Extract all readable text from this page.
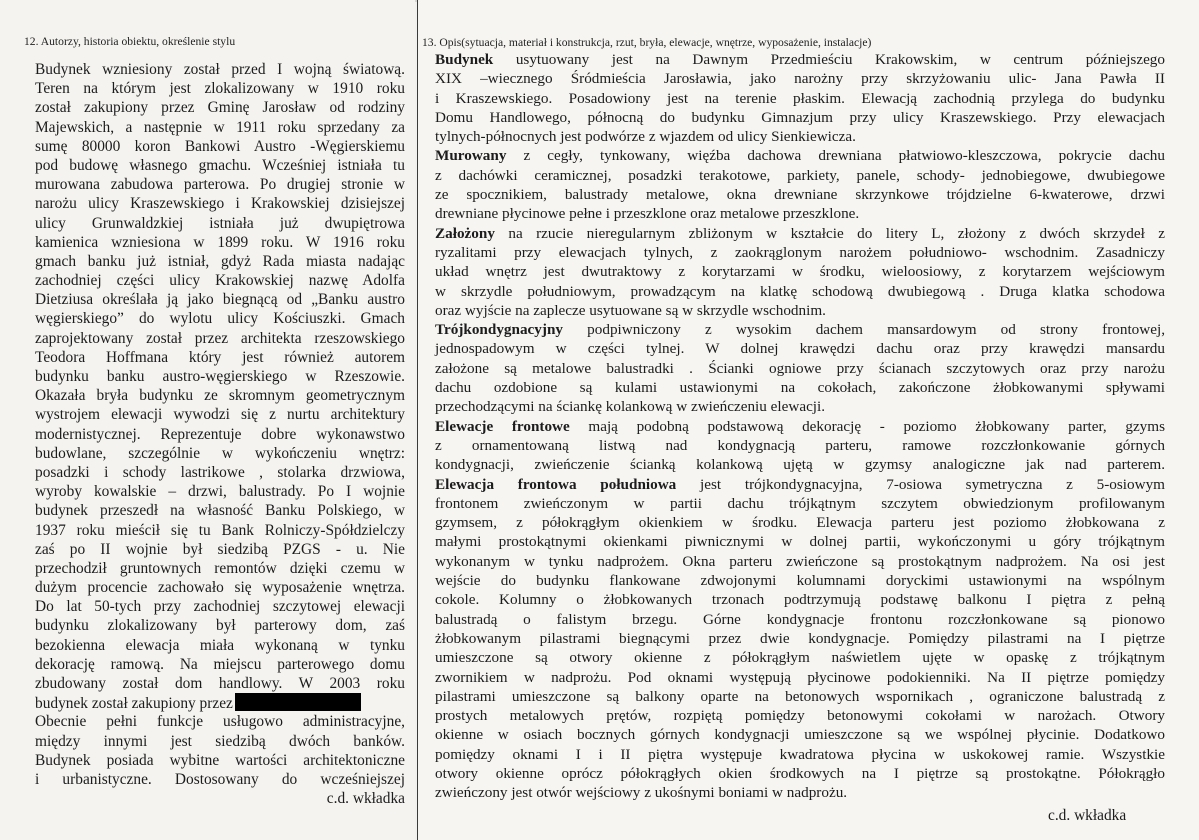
12. Autorzy, historia obiektu, określenie stylu	13. Opis(sytuacja, materiał i konstrukcja, rzut, bryła, elewacje, wnętrze, wyposażenie, instalacje)
Budynek wzniesiony został przed I wojną światową.
Teren na którym jest zlokalizowany w 1910 roku
został zakupiony przez Gminę Jarosław od rodziny
Majewskich, a następnie w 1911 roku sprzedany za
sumę 80000 koron Bankowi Austro -Węgierskiemu
pod budowę własnego gmachu. Wcześniej istniała tu
murowana zabudowa parterowa. Po drugiej stronie w
narożu ulicy Kraszewskiego i Krakowskiej dzisiejszej
ulicy Grunwaldzkiej istniała już dwupiętrowa
kamienica wzniesiona w 1899 roku. W 1916 roku
gmach banku już istniał, gdyż Rada miasta nadając
zachodniej części ulicy Krakowskiej nazwę Adolfa
Dietziusa określała ją jako biegnącą od „Banku austro
węgierskiego” do wylotu ulicy Kościuszki. Gmach
zaprojektowany został przez architekta rzeszowskiego
Teodora Hoffmana który jest również autorem
budynku banku austro-węgierskiego w Rzeszowie.
Okazała bryła budynku ze skromnym geometrycznym
wystrojem elewacji wywodzi się z nurtu architektury
modernistycznej. Reprezentuje dobre wykonawstwo
budowlane, szczególnie w wykończeniu wnętrz:
posadzki i schody lastrikowe , stolarka drzwiowa,
wyroby kowalskie – drzwi, balustrady. Po I wojnie
budynek przeszedł na własność Banku Polskiego, w
1937 roku mieścił się tu Bank Rolniczy-Spółdzielczy
zaś po II wojnie był siedzibą PZGS - u. Nie
przechodził gruntownych remontów dzięki czemu w
dużym procencie zachowało się wyposażenie wnętrza.
Do lat 50-tych przy zachodniej szczytowej elewacji
budynku zlokalizowany był parterowy dom, zaś
bezokienna elewacja miała wykonaną w tynku
dekorację ramową. Na miejscu parterowego domu
zbudowany został dom handlowy. W 2003 roku
budynek został zakupiony przez
Obecnie pełni funkcje usługowo administracyjne,
między innymi jest siedzibą dwóch banków.
Budynek posiada wybitne wartości architektoniczne
i urbanistyczne. Dostosowany do wcześniejszej
c.d. wkładka
Budynek usytuowany jest na Dawnym Przedmieściu Krakowskim, w centrum późniejszego
XIX –wiecznego Śródmieścia Jarosławia, jako narożny przy skrzyżowaniu ulic- Jana Pawła II
i Kraszewskiego. Posadowiony jest na terenie płaskim. Elewacją zachodnią przylega do budynku
Domu Handlowego, północną do budynku Gimnazjum przy ulicy Kraszewskiego. Przy elewacjach
tylnych-północnych jest podwórze z wjazdem od ulicy Sienkiewicza.
Murowany z cegły, tynkowany, więźba dachowa drewniana płatwiowo-kleszczowa, pokrycie dachu
z dachówki ceramicznej, posadzki terakotowe, parkiety, panele, schody- jednobiegowe, dwubiegowe
ze spocznikiem, balustrady metalowe, okna drewniane skrzynkowe trójdzielne 6-kwaterowe, drzwi
drewniane płycinowe pełne i przeszklone oraz metalowe przeszklone.
Założony na rzucie nieregularnym zbliżonym w kształcie do litery L, złożony z dwóch skrzydeł z
ryzalitami przy elewacjach tylnych, z zaokrąglonym narożem południowo- wschodnim. Zasadniczy
układ wnętrz jest dwutraktowy z korytarzami w środku, wieloosiowy, z korytarzem wejściowym
w skrzydle południowym, prowadzącym na klatkę schodową dwubiegową . Druga klatka schodowa
oraz wyjście na zaplecze usytuowane są w skrzydle wschodnim.
Trójkondygnacyjny podpiwniczony z wysokim dachem mansardowym od strony frontowej,
jednospadowym w części tylnej. W dolnej krawędzi dachu oraz przy krawędzi mansardu
założone są metalowe balustradki . Ścianki ogniowe przy ścianach szczytowych oraz przy narożu
dachu ozdobione są kulami ustawionymi na cokołach, zakończone żłobkowanymi spływami
przechodzącymi na ściankę kolankową w zwieńczeniu elewacji.
Elewacje frontowe mają podobną podstawową dekorację - poziomo żłobkowany parter, gzyms
z ornamentowaną listwą nad kondygnacją parteru, ramowe rozczłonkowanie górnych
kondygnacji, zwieńczenie ścianką kolankową ujętą w gzymsy analogiczne jak nad parterem.
Elewacja frontowa południowa jest trójkondygnacyjna, 7-osiowa symetryczna z 5-osiowym
frontonem zwieńczonym w partii dachu trójkątnym szczytem obwiedzionym profilowanym
gzymsem, z półokrągłym okienkiem w środku. Elewacja parteru jest poziomo żłobkowana z
małymi prostokątnymi okienkami piwnicznymi w dolnej partii, wykończonymi u góry trójkątnym
wykonanym w tynku nadprożem. Okna parteru zwieńczone są prostokątnym nadprożem. Na osi jest
wejście do budynku flankowane zdwojonymi kolumnami doryckimi ustawionymi na wspólnym
cokole. Kolumny o żłobkowanych trzonach podtrzymują podstawę balkonu I piętra z pełną
balustradą o falistym brzegu. Górne kondygnacje frontonu rozczłonkowane są pionowo
żłobkowanym pilastrami biegnącymi przez dwie kondygnacje. Pomiędzy pilastrami na I piętrze
umieszczone są otwory okienne z półokrągłym naświetlem ujęte w opaskę z trójkątnym
zwornikiem w nadprożu. Pod oknami występują płycinowe podokienniki. Na II piętrze pomiędzy
pilastrami umieszczone są balkony oparte na betonowych wspornikach , ograniczone balustradą z
prostych metalowych prętów, rozpiętą pomiędzy betonowymi cokołami w narożach. Otwory
okienne w osiach bocznych górnych kondygnacji umieszczone są we wspólnej płycinie. Dodatkowo
pomiędzy oknami I i II piętra występuje kwadratowa płycina w uskokowej ramie. Wszystkie
otwory okienne oprócz półokrągłych okien środkowych na I piętrze są prostokątne. Półokrągło
zwieńczony jest otwór wejściowy z ukośnymi boniami w nadprożu.
c.d. wkładka
